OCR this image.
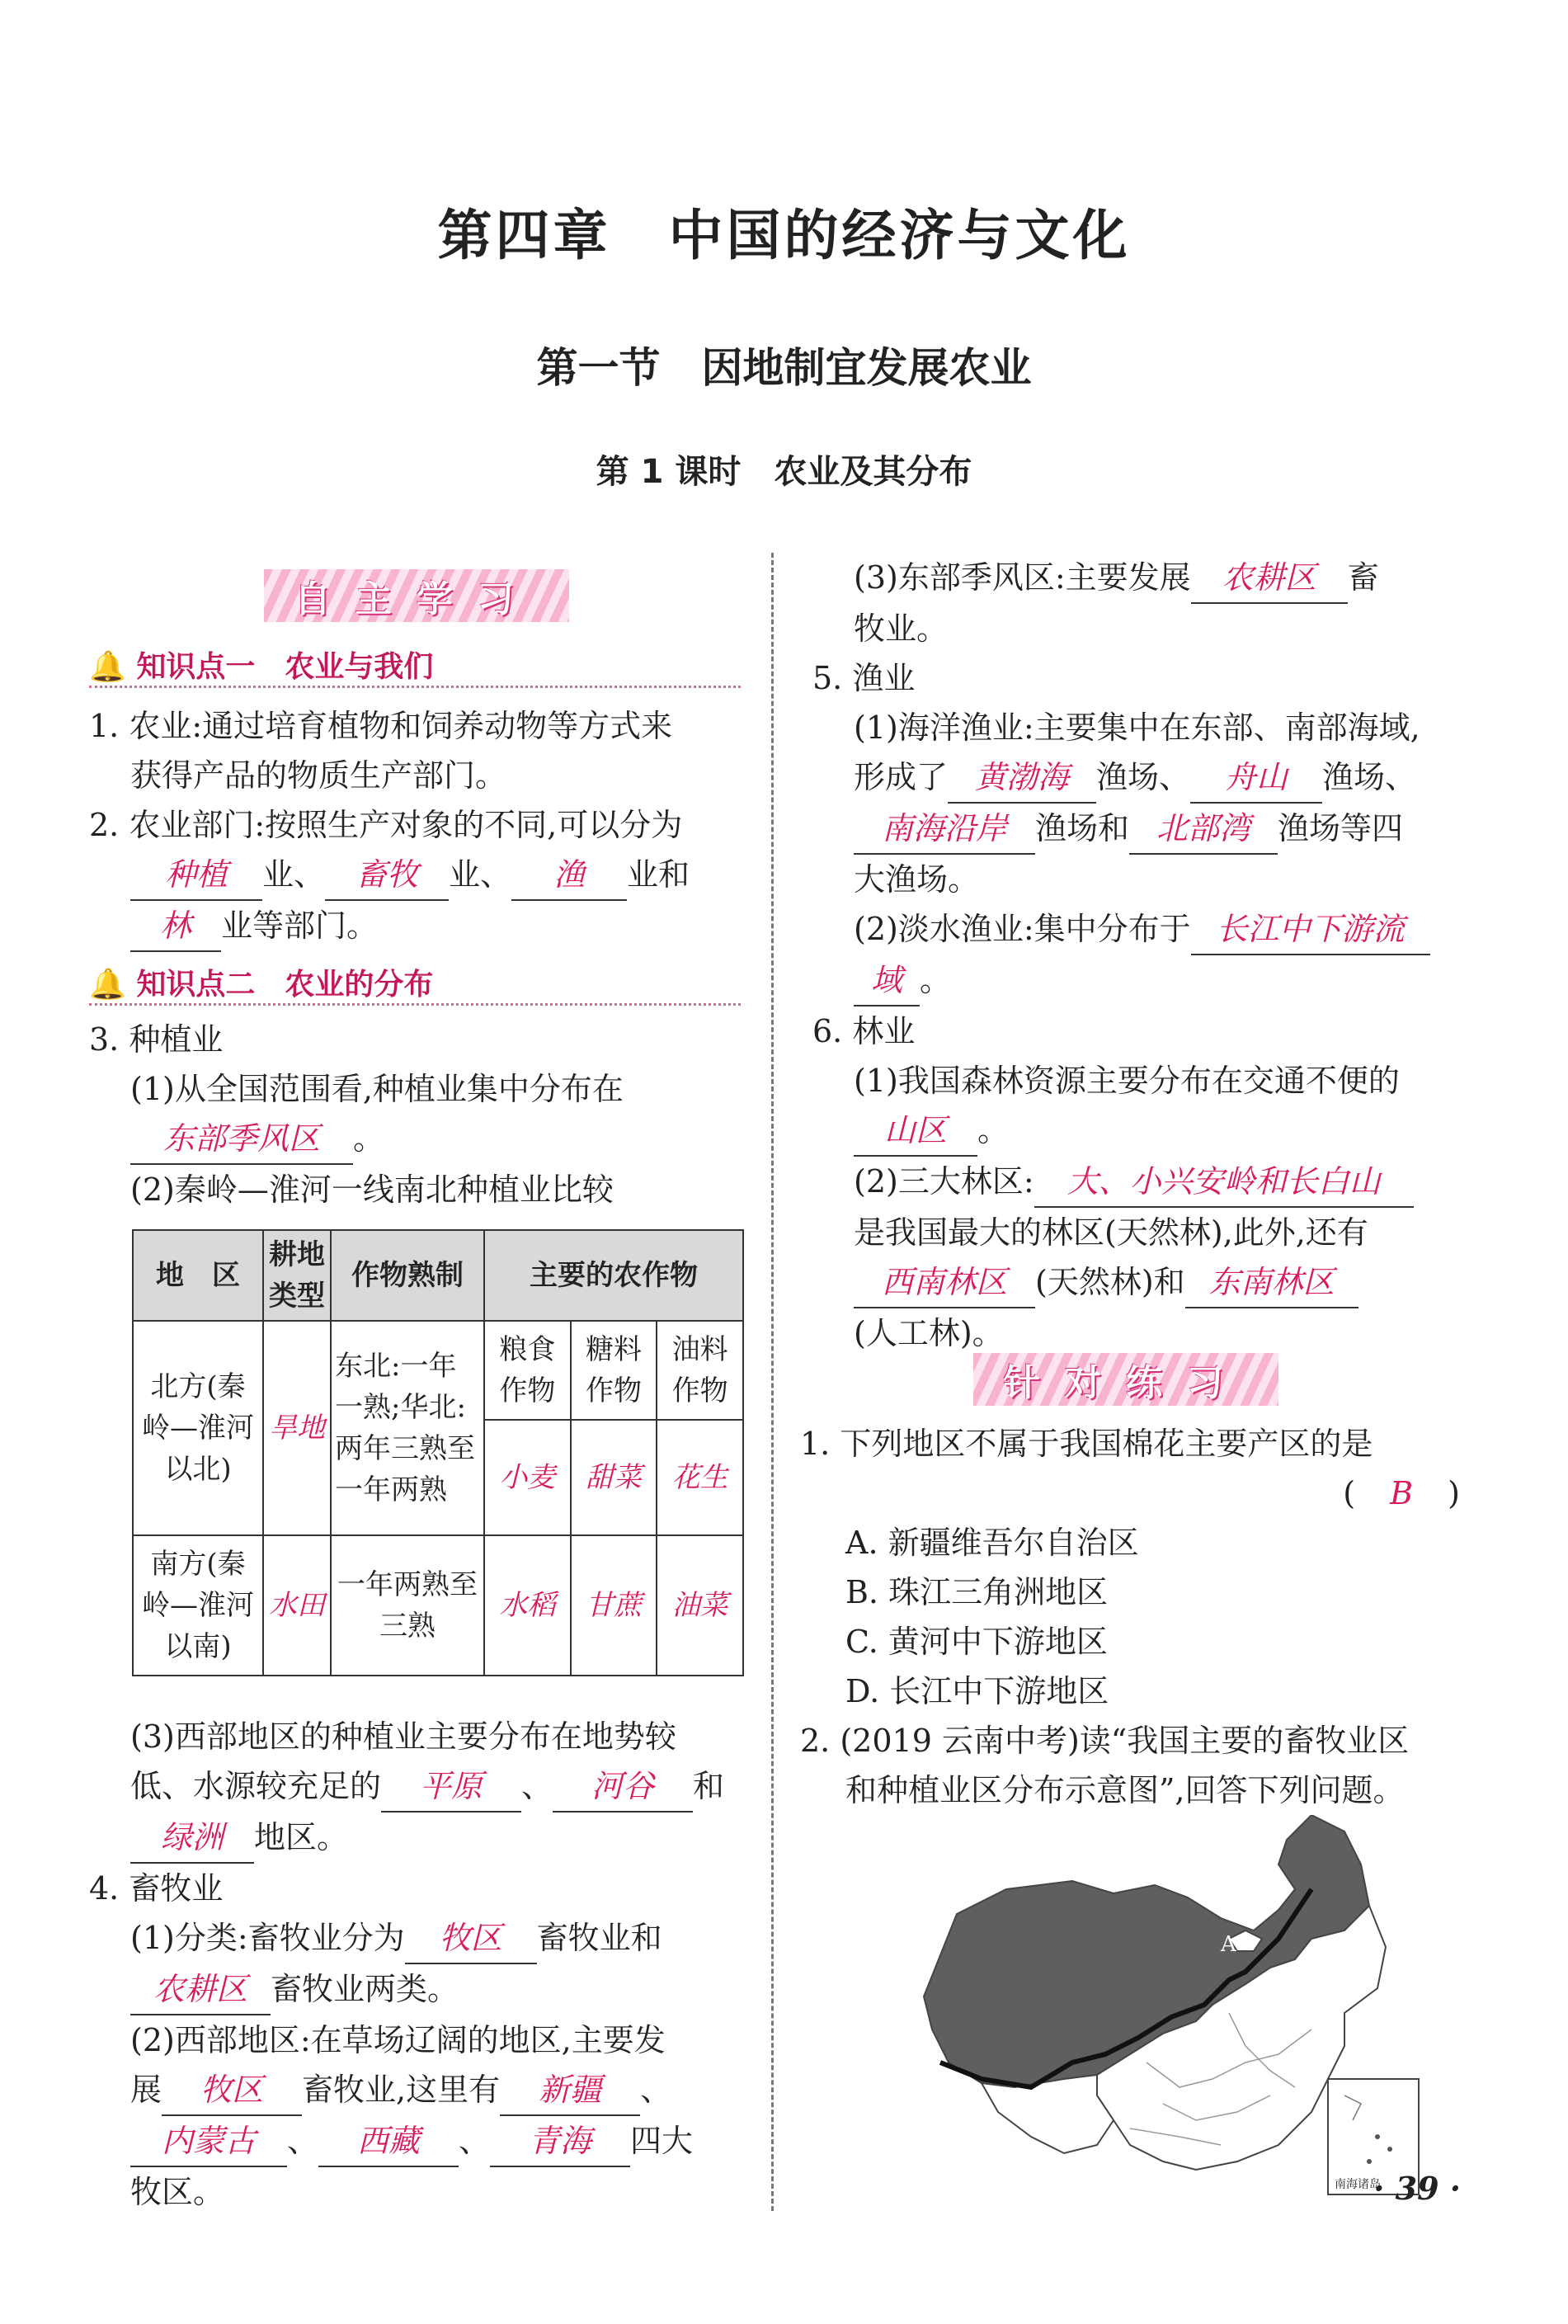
第四章　中国的经济与文化
第一节　因地制宜发展农业
第 1 课时　农业及其分布
自主学习
🔔 知识点一　农业与我们
1. 农业:通过培育植物和饲养动物等方式来
获得产品的物质生产部门。
2. 农业部门:按照生产对象的不同,可以分为
种植 业、 畜牧 业、 渔 业和
林 业等部门。
🔔 知识点二　农业的分布
3. 种植业
(1)从全国范围看,种植业集中分布在
东部季风区 。
(2)秦岭—淮河一线南北种植业比较
地　区	耕地类型	作物熟制	主要的农作物		

北方(秦岭—淮河以北)	旱地	东北:一年一熟;华北:两年三熟至一年两熟	粮食作物	糖料作物	油料作物
			小麦	甜菜	花生
南方(秦岭—淮河以南)	水田	一年两熟至三熟	水稻	甘蔗	油菜
(3)西部地区的种植业主要分布在地势较
低、水源较充足的 平原 、 河谷 和
绿洲 地区。
4. 畜牧业
(1)分类:畜牧业分为 牧区 畜牧业和
农耕区 畜牧业两类。
(2)西部地区:在草场辽阔的地区,主要发
展 牧区 畜牧业,这里有 新疆 、
内蒙古 、 西藏 、 青海 四大
牧区。
(3)东部季风区:主要发展 农耕区 畜
牧业。
5. 渔业
(1)海洋渔业:主要集中在东部、南部海域,
形成了 黄渤海 渔场、 舟山 渔场、
南海沿岸 渔场和 北部湾 渔场等四
大渔场。
(2)淡水渔业:集中分布于 长江中下游流
域 。
6. 林业
(1)我国森林资源主要分布在交通不便的
山区 。
(2)三大林区: 大、小兴安岭和长白山
是我国最大的林区(天然林),此外,还有
西南林区 (天然林)和 东南林区
(人工林)。
针对练习
1. 下列地区不属于我国棉花主要产区的是
( B )
A. 新疆维吾尔自治区
B. 珠江三角洲地区
C. 黄河中下游地区
D. 长江中下游地区
2. (2019 云南中考)读“我国主要的畜牧业区
和种植业区分布示意图”,回答下列问题。
A
南海诸岛
· 39 ·
